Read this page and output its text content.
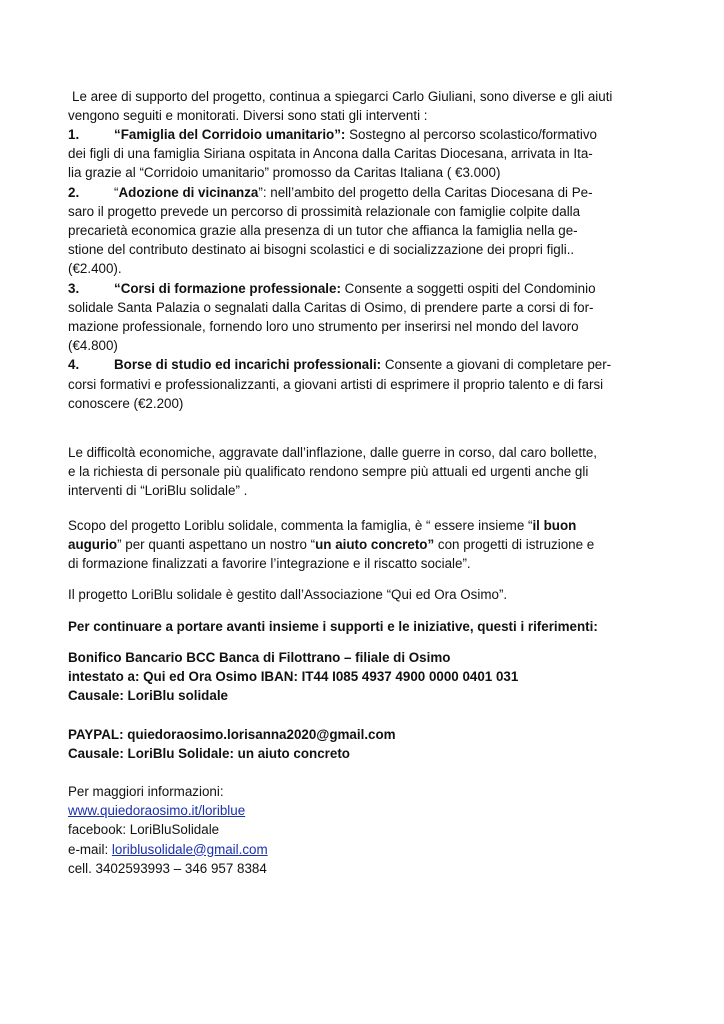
Le aree di supporto del progetto, continua a spiegarci Carlo Giuliani, sono diverse e gli aiuti vengono seguiti e monitorati. Diversi sono stati gli interventi :

1.	“Famiglia del Corridoio umanitario”: Sostegno al percorso scolastico/formativo

dei figli di una famiglia Siriana ospitata in Ancona dalla Caritas Diocesana, arrivata in Ita-

lia grazie al “Corridoio umanitario” promosso da Caritas Italiana ( €3.000)

2.	“Adozione di vicinanza”: nell’ambito del progetto della Caritas Diocesana di Pe-

saro il progetto prevede un percorso di prossimità relazionale con famiglie colpite dalla

precarietà economica grazie alla presenza di un tutor che affianca la famiglia nella ge-

stione del contributo destinato ai bisogni scolastici e di socializzazione dei propri figli..

(€2.400).

3.	“Corsi di formazione professionale: Consente a soggetti ospiti del Condominio

solidale Santa Palazia o segnalati dalla Caritas di Osimo, di prendere parte a corsi di for-

mazione professionale, fornendo loro uno strumento per inserirsi nel mondo del lavoro

(€4.800)

4.	Borse di studio ed incarichi professionali: Consente a giovani di completare per-

corsi formativi e professionalizzanti, a giovani artisti di esprimere il proprio talento e di farsi

conoscere (€2.200)

Le difficoltà economiche, aggravate dall’inflazione, dalle guerre in corso, dal caro bollette,

e la richiesta di personale più qualificato rendono sempre più attuali ed urgenti anche gli

interventi di “LoriBlu solidale” .

Scopo del progetto Loriblu solidale, commenta la famiglia, è “ essere insieme “il buon

augurio” per quanti aspettano un nostro “un aiuto concreto” con progetti di istruzione e

di formazione finalizzati a favorire l’integrazione e il riscatto sociale”.

Il progetto LoriBlu solidale è gestito dall’Associazione “Qui ed Ora Osimo”.

Per continuare a portare avanti insieme i supporti e le iniziative, questi i riferimenti:

Bonifico Bancario BCC Banca di Filottrano – filiale di Osimo

intestato a: Qui ed Ora Osimo IBAN: IT44 I085 4937 4900 0000 0401 031

Causale: LoriBlu solidale

PAYPAL: quiedoraosimo.lorisanna2020@gmail.com

Causale: LoriBlu Solidale: un aiuto concreto

Per maggiori informazioni:

www.quiedoraosimo.it/loriblue

facebook: LoriBluSolidale

e-mail: loriblusolidale@gmail.com

cell. 3402593993 – 346 957 8384
